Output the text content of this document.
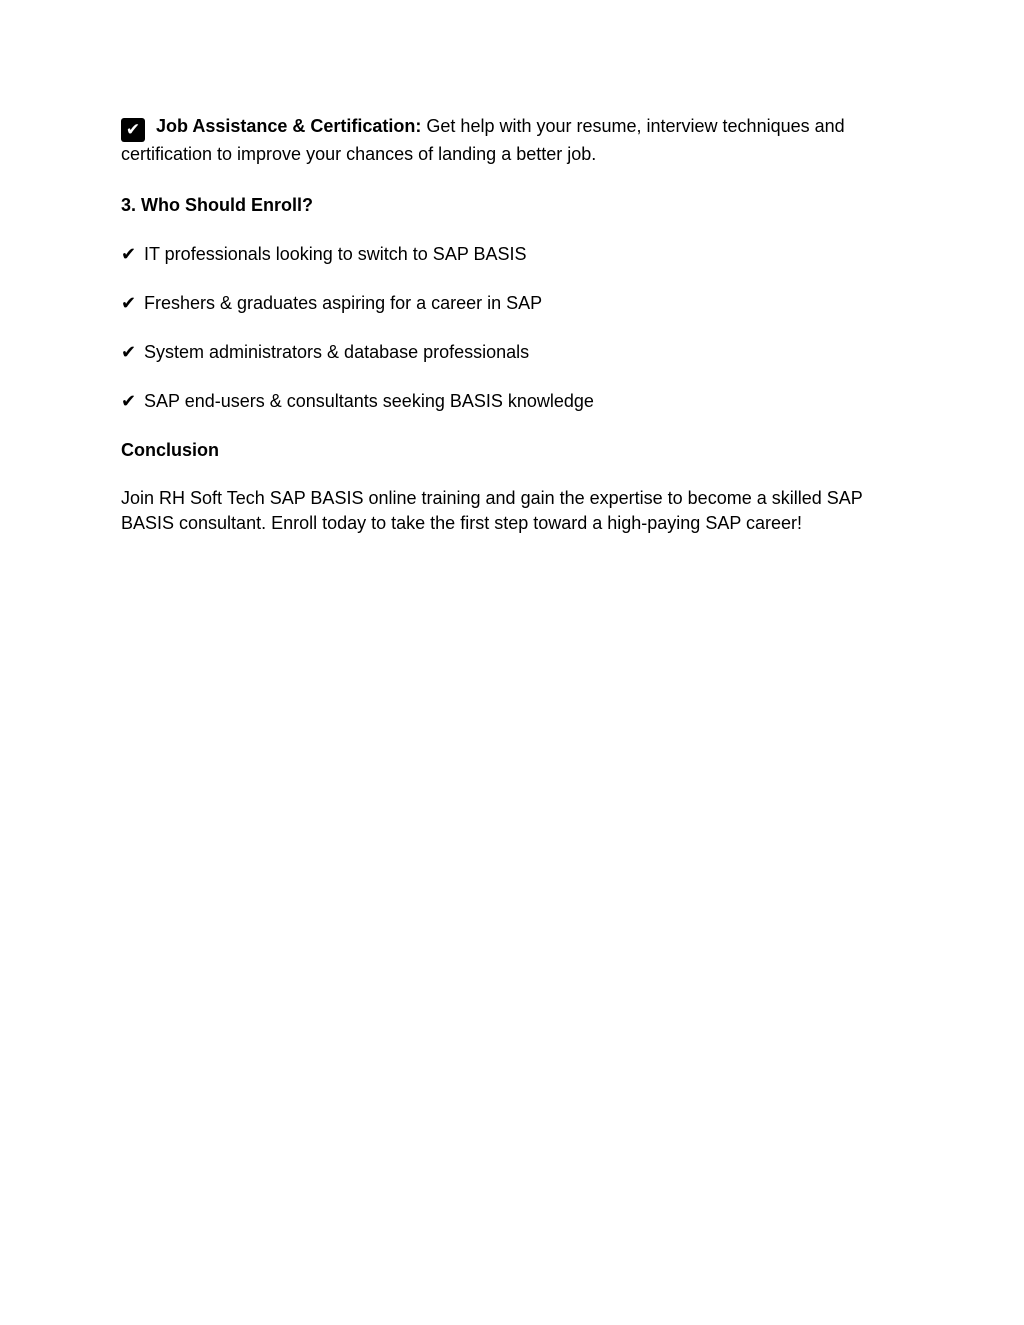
✔ Job Assistance & Certification: Get help with your resume, interview techniques and certification to improve your chances of landing a better job.

3. Who Should Enroll?

✔ IT professionals looking to switch to SAP BASIS

✔ Freshers & graduates aspiring for a career in SAP

✔ System administrators & database professionals

✔ SAP end-users & consultants seeking BASIS knowledge

Conclusion

Join RH Soft Tech SAP BASIS online training and gain the expertise to become a skilled SAP BASIS consultant. Enroll today to take the first step toward a high-paying SAP career!
